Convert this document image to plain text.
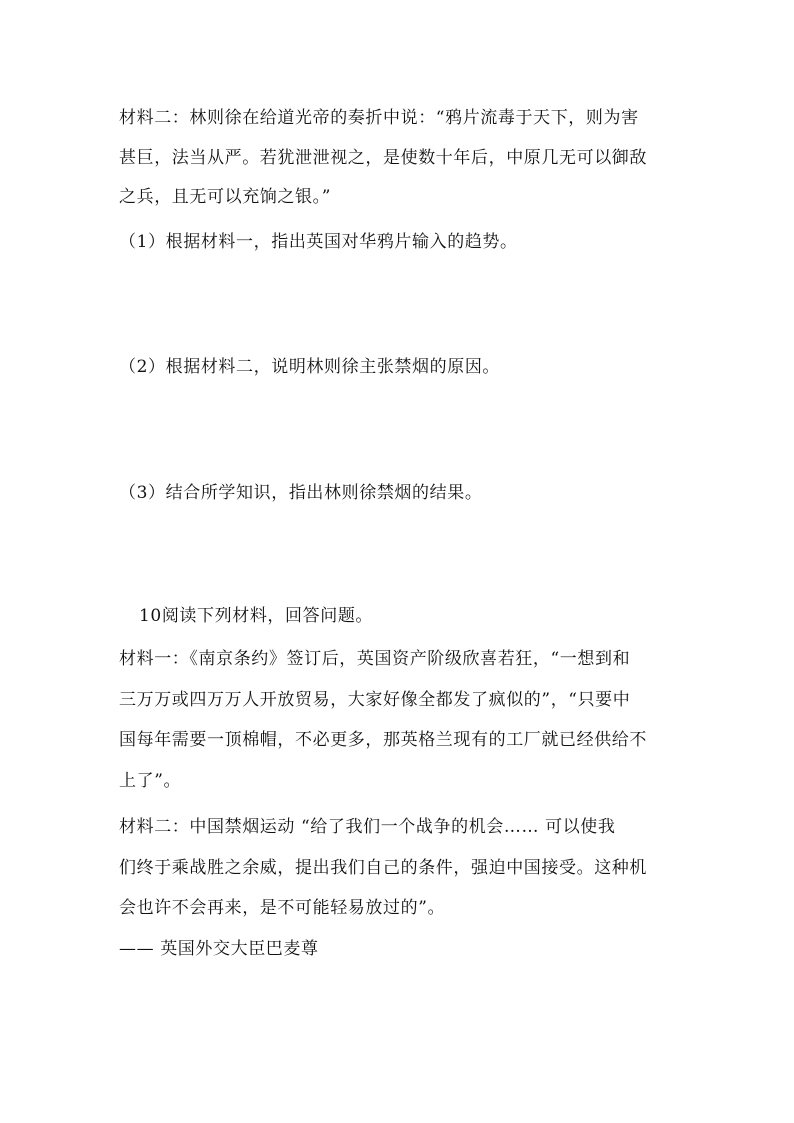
材料二：林则徐在给道光帝的奏折中说：“鸦片流毒于天下，则为害
甚巨，法当从严。若犹泄泄视之，是使数十年后，中原几无可以御敌
之兵，且无可以充饷之银。”
（1）根据材料一，指出英国对华鸦片输入的趋势。
（2）根据材料二，说明林则徐主张禁烟的原因。
（3）结合所学知识，指出林则徐禁烟的结果。
10阅读下列材料，回答问题。
材料一：《南京条约》签订后，英国资产阶级欣喜若狂，“一想到和
三万万或四万万人开放贸易，大家好像全都发了疯似的”，“只要中
国每年需要一顶棉帽，不必更多，那英格兰现有的工厂就已经供给不
上了”。
材料二：中国禁烟运动 “给了我们一个战争的机会…… 可以使我
们终于乘战胜之余威，提出我们自己的条件，强迫中国接受。这种机
会也许不会再来，是不可能轻易放过的”。
—— 英国外交大臣巴麦尊
